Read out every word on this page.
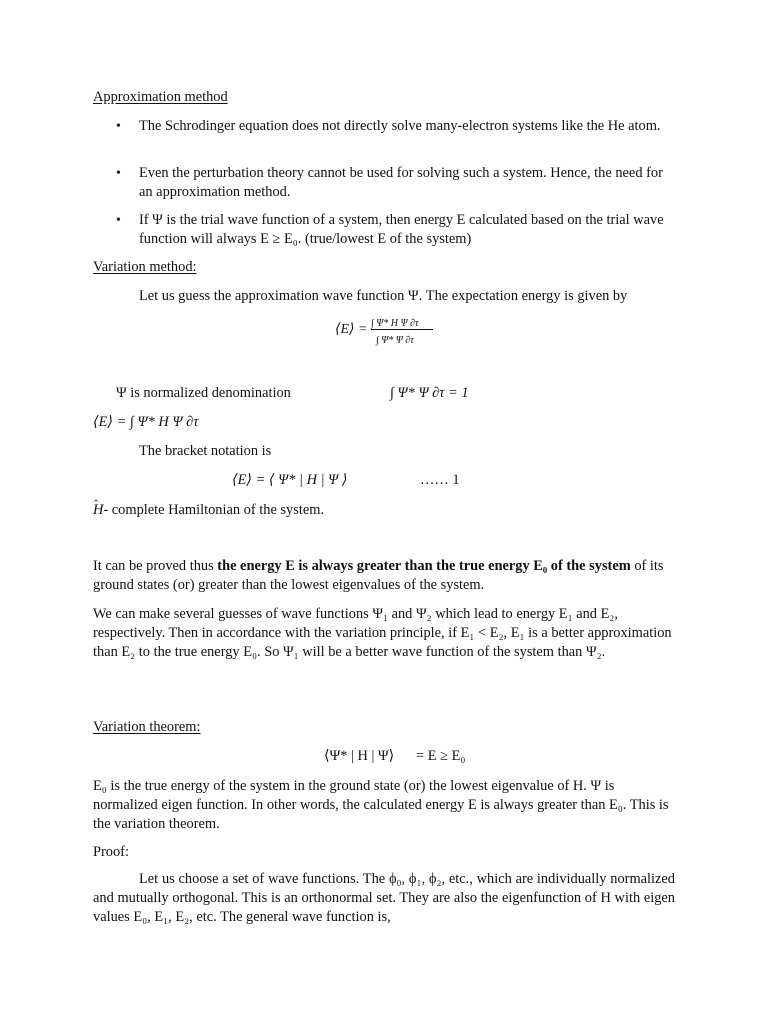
Approximation method
• The Schrodinger equation does not directly solve many-electron systems like the He atom.
• Even the perturbation theory cannot be used for solving such a system. Hence, the need for an approximation method.
• If Ψ is the trial wave function of a system, then energy E calculated based on the trial wave function will always E ≥ E₀. (true/lowest E of the system)
Variation method:
Let us guess the approximation wave function Ψ. The expectation energy is given by
⟨E⟩ = ∫ Ψ* H Ψ ∂τ
∫ Ψ* Ψ ∂τ
Ψ is normalized denomination	∫ Ψ* Ψ ∂τ = 1
⟨E⟩ = ∫ Ψ* H Ψ ∂τ
The bracket notation is
⟨E⟩ = ⟨ Ψ* | H | Ψ ⟩	…… 1
ˆ H- complete Hamiltonian of the system.
It can be proved thus the energy E is always greater than the true energy E₀ of the system of its ground states (or) greater than the lowest eigenvalues of the system.
We can make several guesses of wave functions Ψ₁ and Ψ₂ which lead to energy E₁ and E₂, respectively. Then in accordance with the variation principle, if E₁ < E₂, E₁ is a better approximation than E₂ to the true energy E₀. So Ψ₁ will be a better wave function of the system than Ψ₂.
Variation theorem:
⟨Ψ* | H | Ψ⟩ = E ≥ E₀
E₀ is the true energy of the system in the ground state (or) the lowest eigenvalue of H. Ψ is normalized eigen function. In other words, the calculated energy E is always greater than E₀. This is the variation theorem.
Proof:
Let us choose a set of wave functions. The ϕ₀, ϕ₁, ϕ₂, etc., which are individually normalized and mutually orthogonal. This is an orthonormal set. They are also the eigenfunction of H with eigen values E₀, E₁, E₂, etc. The general wave function is,
